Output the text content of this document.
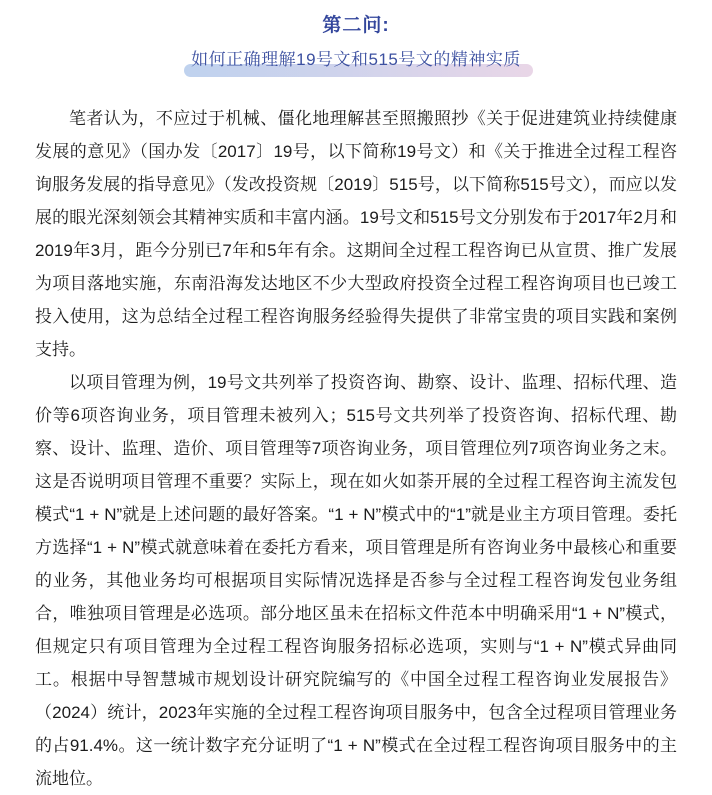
第二问:
如何正确理解19号文和515号文的精神实质

笔者认为，不应过于机械、僵化地理解甚至照搬照抄《关于促进建筑业持续健康发展的意见》（国办发〔2017〕19号，以下简称19号文）和《关于推进全过程工程咨询服务发展的指导意见》（发改投资规〔2019〕515号，以下简称515号文），而应以发展的眼光深刻领会其精神实质和丰富内涵。19号文和515号文分别发布于2017年2月和2019年3月，距今分别已7年和5年有余。这期间全过程工程咨询已从宣贯、推广发展为项目落地实施，东南沿海发达地区不少大型政府投资全过程工程咨询项目也已竣工投入使用，这为总结全过程工程咨询服务经验得失提供了非常宝贵的项目实践和案例支持。

以项目管理为例，19号文共列举了投资咨询、勘察、设计、监理、招标代理、造价等6项咨询业务，项目管理未被列入；515号文共列举了投资咨询、招标代理、勘察、设计、监理、造价、项目管理等7项咨询业务，项目管理位列7项咨询业务之末。这是否说明项目管理不重要？实际上，现在如火如荼开展的全过程工程咨询主流发包模式“1 + N”就是上述问题的最好答案。“1 + N”模式中的“1”就是业主方项目管理。委托方选择“1 + N”模式就意味着在委托方看来，项目管理是所有咨询业务中最核心和重要的业务，其他业务均可根据项目实际情况选择是否参与全过程工程咨询发包业务组合，唯独项目管理是必选项。部分地区虽未在招标文件范本中明确采用“1 + N”模式，但规定只有项目管理为全过程工程咨询服务招标必选项，实则与“1 + N”模式异曲同工。根据中导智慧城市规划设计研究院编写的《中国全过程工程咨询业发展报告》（2024）统计，2023年实施的全过程工程咨询项目服务中，包含全过程项目管理业务的占91.4%。这一统计数字充分证明了“1 + N”模式在全过程工程咨询项目服务中的主流地位。
